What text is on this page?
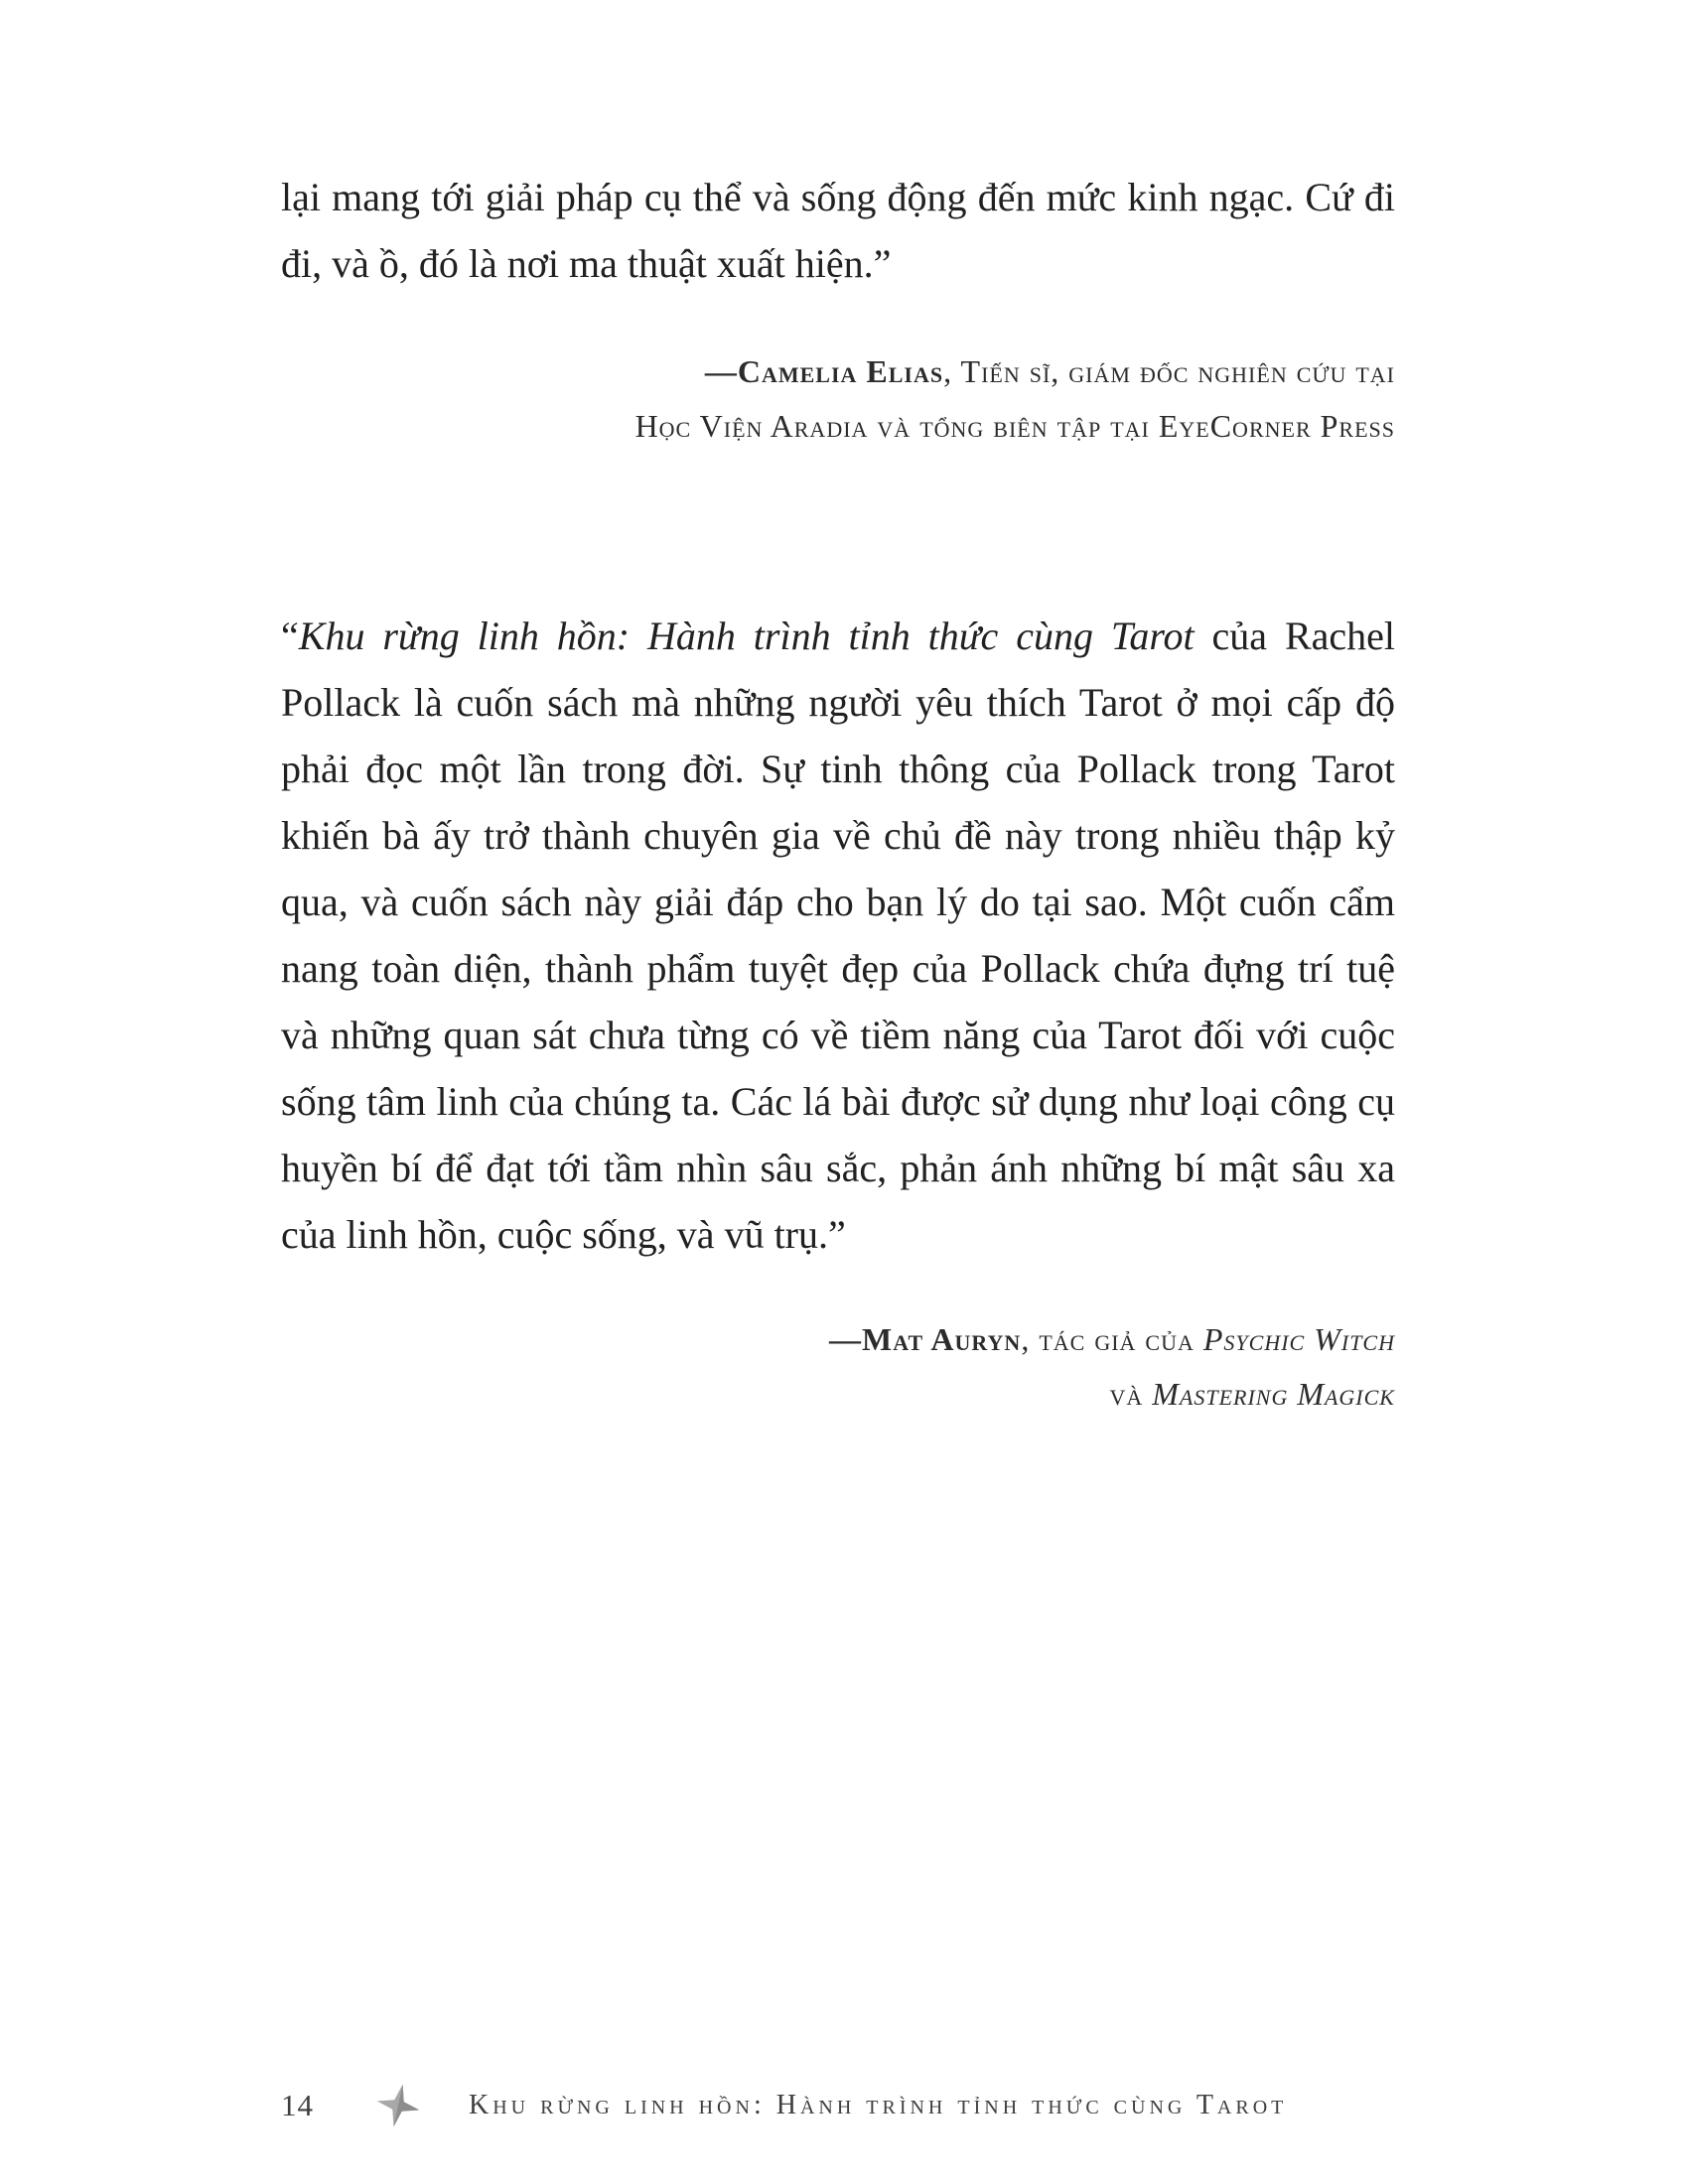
lại mang tới giải pháp cụ thể và sống động đến mức kinh ngạc. Cứ đi đi, và ồ, đó là nơi ma thuật xuất hiện.”

—Camelia Elias, Tiến sĩ, giám đốc nghiên cứu tại
Học Viện Aradia và tổng biên tập tại EyeCorner Press

“Khu rừng linh hồn: Hành trình tỉnh thức cùng Tarot của Rachel Pollack là cuốn sách mà những người yêu thích Tarot ở mọi cấp độ phải đọc một lần trong đời. Sự tinh thông của Pollack trong Tarot khiến bà ấy trở thành chuyên gia về chủ đề này trong nhiều thập kỷ qua, và cuốn sách này giải đáp cho bạn lý do tại sao. Một cuốn cẩm nang toàn diện, thành phẩm tuyệt đẹp của Pollack chứa đựng trí tuệ và những quan sát chưa từng có về tiềm năng của Tarot đối với cuộc sống tâm linh của chúng ta. Các lá bài được sử dụng như loại công cụ huyền bí để đạt tới tầm nhìn sâu sắc, phản ánh những bí mật sâu xa của linh hồn, cuộc sống, và vũ trụ.”

—Mat Auryn, tác giả của Psychic Witch
và Mastering Magick
14	Khu rừng linh hồn: Hành trình tỉnh thức cùng Tarot
